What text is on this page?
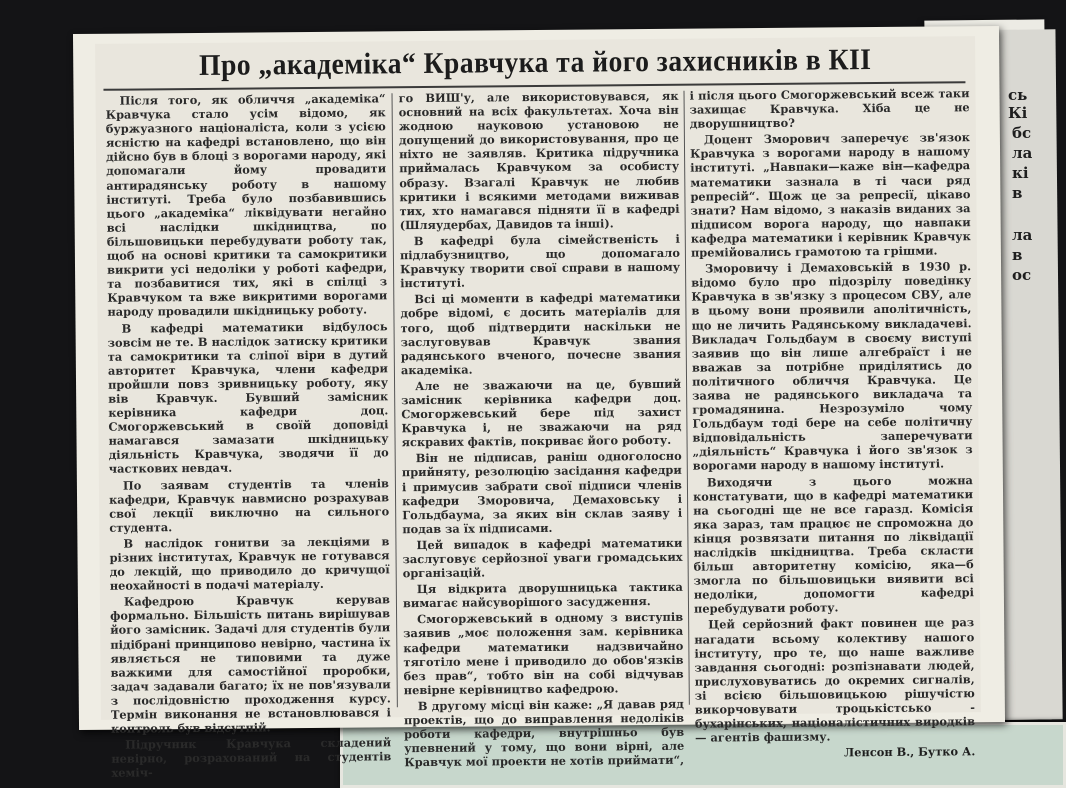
сь
Кі
бс
ла
кі
в
ла
в
ос
Про „академіка“ Кравчука та його захисників в КІІ

Після того, як обличчя „академіка“ Кравчука стало усім відомо, як буржуазного націоналіста, коли з усією ясністю на кафедрі встановлено, що він дійсно був в блоці з ворогами народу, які допомагали йому провадити антирадянську роботу в нашому інституті. Треба було позбавившись цього „академіка“ ліквідувати негайно всі наслідки шкідництва, по більшовицьки перебудувати роботу так, щоб на основі критики та самокритики викрити усі недоліки у роботі кафедри, та позбавитися тих, які в спілці з Кравчуком та вже викритими ворогами народу провадили шкідницьку роботу.

В кафедрі математики відбулось зовсім не те. В наслідок затиску критики та самокритики та сліпої віри в дутий авторитет Кравчука, члени кафедри пройшли повз зривницьку роботу, яку вів Кравчук. Бувший замісник керівника кафедри доц. Смогоржевський в своїй доповіді намагався замазати шкідницьку діяльність Кравчука, зводячи її до часткових невдач.

По заявам студентів та членів кафедри, Кравчук навмисно розрахував свої лекції виключно на сильного студента.

В наслідок гонитви за лекціями в різних інститутах, Кравчук не готувався до лекцій, що приводило до кричущої неохайності в подачі матеріалу.

Кафедрою Кравчук керував формально. Більшість питань вирішував його замісник. Задачі для студентів були підібрані принципово невірно, частина їх являється не типовими та дуже важкими для самостійної проробки, задач задавали багато; їх не пов'язували з послідовністю проходження курсу. Термін виконання не встановлювався і контроль був відсутній.

Підручник Кравчука складений невірно, розрахований на студентів хеміч-

го ВИШ'у, але використовувався, як основний на всіх факультетах. Хоча він жодною науковою установою не допущений до використовування, про це ніхто не заявляв. Критика підручника приймалась Кравчуком за особисту образу. Взагалі Кравчук не любив критики і всякими методами виживав тих, хто намагався підняти її в кафедрі (Шляудербах, Давидов та інші).

В кафедрі була сімейственість і підлабузництво, що допомагало Кравчуку творити свої справи в нашому інституті.

Всі ці моменти в кафедрі математики добре відомі, є досить матеріалів для того, щоб підтвердити наскільки не заслуговував Кравчук звания радянського вченого, почесне звания академіка.

Але не зважаючи на це, бувший замісник керівника кафедри доц. Смогоржевський бере під захист Кравчука і, не зважаючи на ряд яскравих фактів, покриває його роботу.

Він не підписав, раніш одноголосно прийняту, резолюцію засідання кафедри і примусив забрати свої підписи членів кафедри Зморовича, Демаховську і Гольдбаума, за яких він склав заяву і подав за їх підписами.

Цей випадок в кафедрі математики заслуговує серйозної уваги громадських організацій.

Ця відкрита дворушницька тактика вимагає найсуворішого засудження.

Смогоржевський в одному з виступів заявив „моє положення зам. керівника кафедри математики надзвичайно тяготіло мене і приводило до обов'язків без прав“, тобто він на собі відчував невірне керівництво кафедрою.

В другому місці він каже: „Я давав ряд проектів, що до виправлення недоліків роботи кафедри, внутрішньо був упевнений у тому, що вони вірні, але Кравчук мої проекти не хотів приймати“,

і після цього Смогоржевський всеж таки захищає Кравчука. Хіба це не дворушництво?

Доцент Зморович заперечує зв'язок Кравчука з ворогами народу в нашому інституті. „Навпаки—каже він—кафедра математики зазнала в ті часи ряд репресій“. Щож це за репресії, цікаво знати? Нам відомо, з наказів виданих за підписом ворога народу, що навпаки кафедра математики і керівник Кравчук премійовались грамотою та грішми.

Зморовичу і Демаховській в 1930 р. відомо було про підозрілу поведінку Кравчука в зв'язку з процесом СВУ, але в цьому вони проявили аполітичність, що не личить Радянському викладачеві. Викладач Гольдбаум в своєму виступі заявив що він лише алгебраїст і не вважав за потрібне приділятись до політичного обличчя Кравчука. Це заява не радянського викладача та громадянина. Незрозуміло чому Гольдбаум тоді бере на себе політичну відповідальність заперечувати „діяльність“ Кравчука і його зв'язок з ворогами народу в нашому інституті.

Виходячи з цього можна констатувати, що в кафедрі математики на сьогодні ще не все гаразд. Комісія яка зараз, там працює не спроможна до кінця розвязати питання по ліквідації наслідків шкідництва. Треба скласти більш авторитетну комісію, яка—б змогла по більшовицьки виявити всі недоліки, допомогти кафедрі перебудувати роботу.

Цей серйозний факт повинен ще раз нагадати всьому колективу нашого інституту, про те, що наше важливе завдання сьогодні: розпізнавати людей, прислуховуватись до окремих сигналів, зі всією більшовицькою рішучістю викорчовувати троцькістсько - бухарінських, націоналістичних виродків — агентів фашизму.

Ленсон В., Бутко А.
